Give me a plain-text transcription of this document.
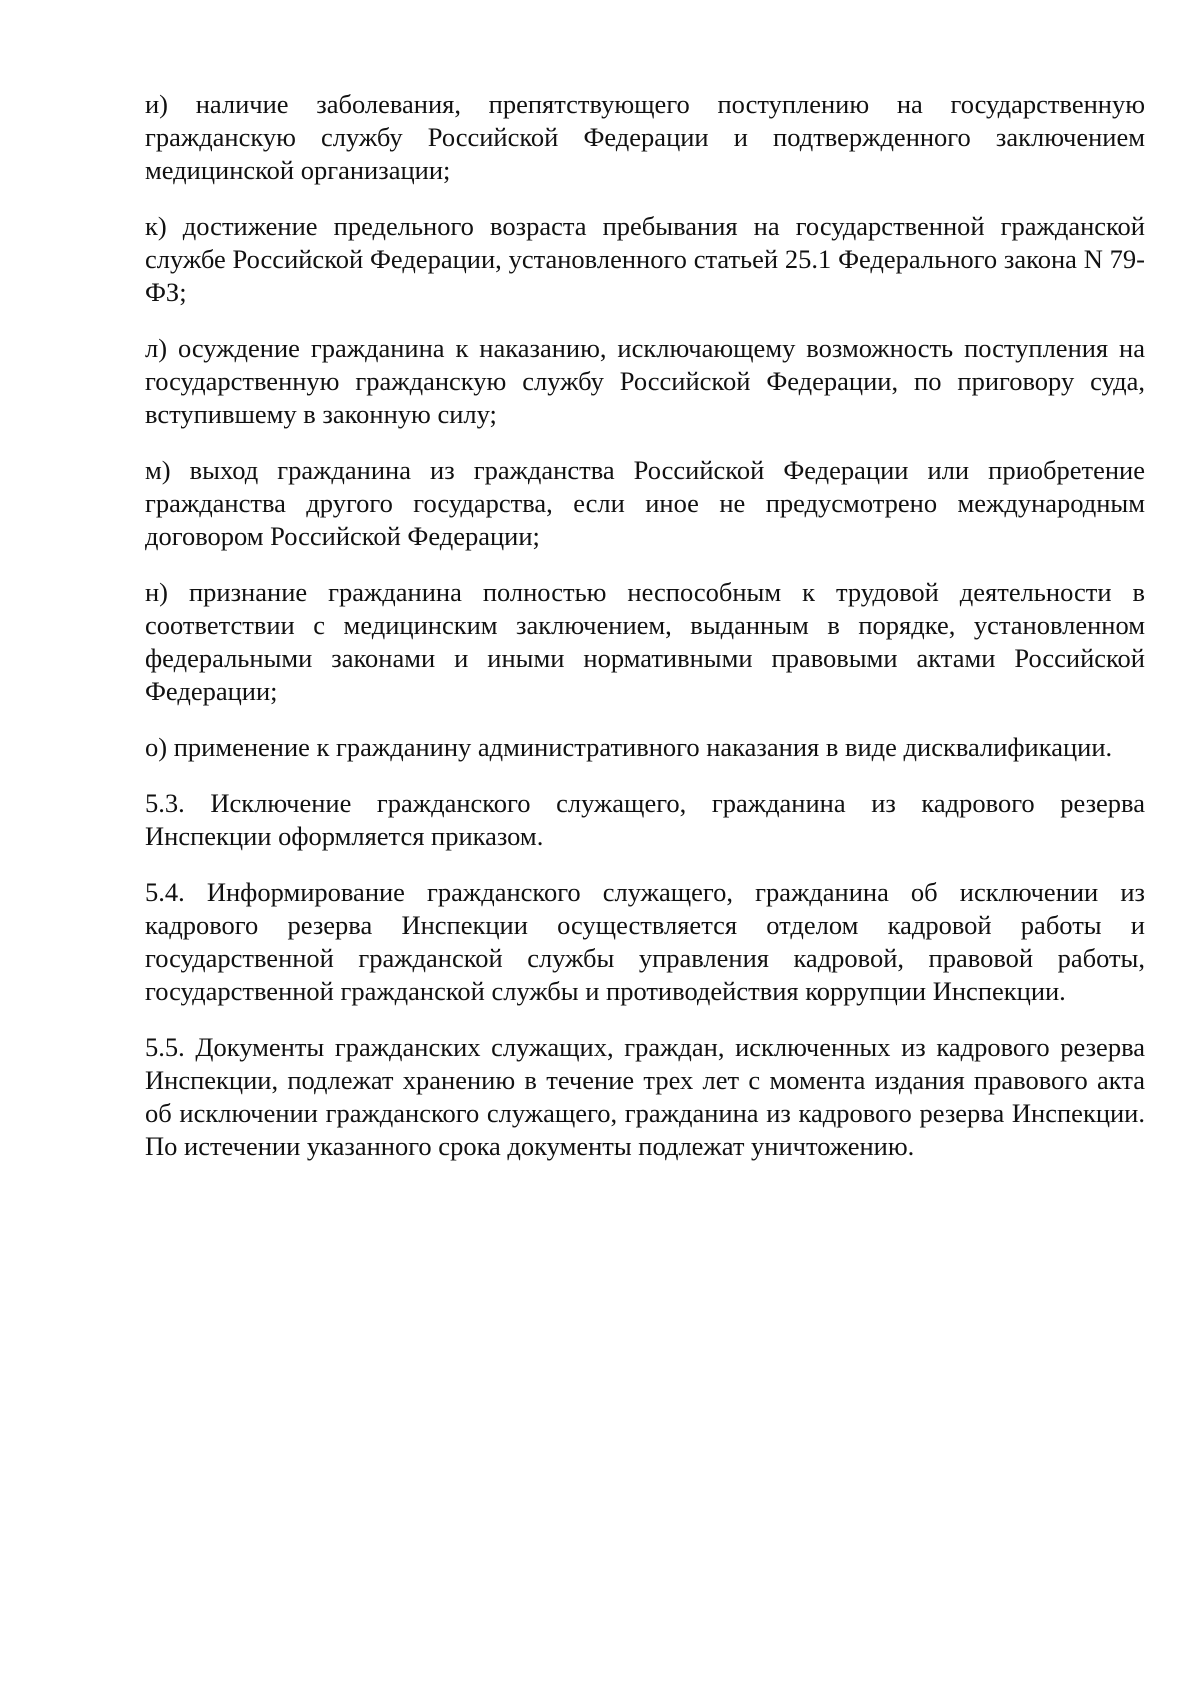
и) наличие заболевания, препятствующего поступлению на государственную гражданскую службу Российской Федерации и подтвержденного заключением медицинской организации;

к) достижение предельного возраста пребывания на государственной гражданской службе Российской Федерации, установленного статьей 25.1 Федерального закона N 79-ФЗ;

л) осуждение гражданина к наказанию, исключающему возможность поступления на государственную гражданскую службу Российской Федерации, по приговору суда, вступившему в законную силу;

м) выход гражданина из гражданства Российской Федерации или приобретение гражданства другого государства, если иное не предусмотрено международным договором Российской Федерации;

н) признание гражданина полностью неспособным к трудовой деятельности в соответствии с медицинским заключением, выданным в порядке, установленном федеральными законами и иными нормативными правовыми актами Российской Федерации;

о) применение к гражданину административного наказания в виде дисквалификации.

5.3. Исключение гражданского служащего, гражданина из кадрового резерва Инспекции оформляется приказом.

5.4. Информирование гражданского служащего, гражданина об исключении из кадрового резерва Инспекции осуществляется отделом кадровой работы и государственной гражданской службы управления кадровой, правовой работы, государственной гражданской службы и противодействия коррупции Инспекции.

5.5. Документы гражданских служащих, граждан, исключенных из кадрового резерва Инспекции, подлежат хранению в течение трех лет с момента издания правового акта об исключении гражданского служащего, гражданина из кадрового резерва Инспекции. По истечении указанного срока документы подлежат уничтожению.
